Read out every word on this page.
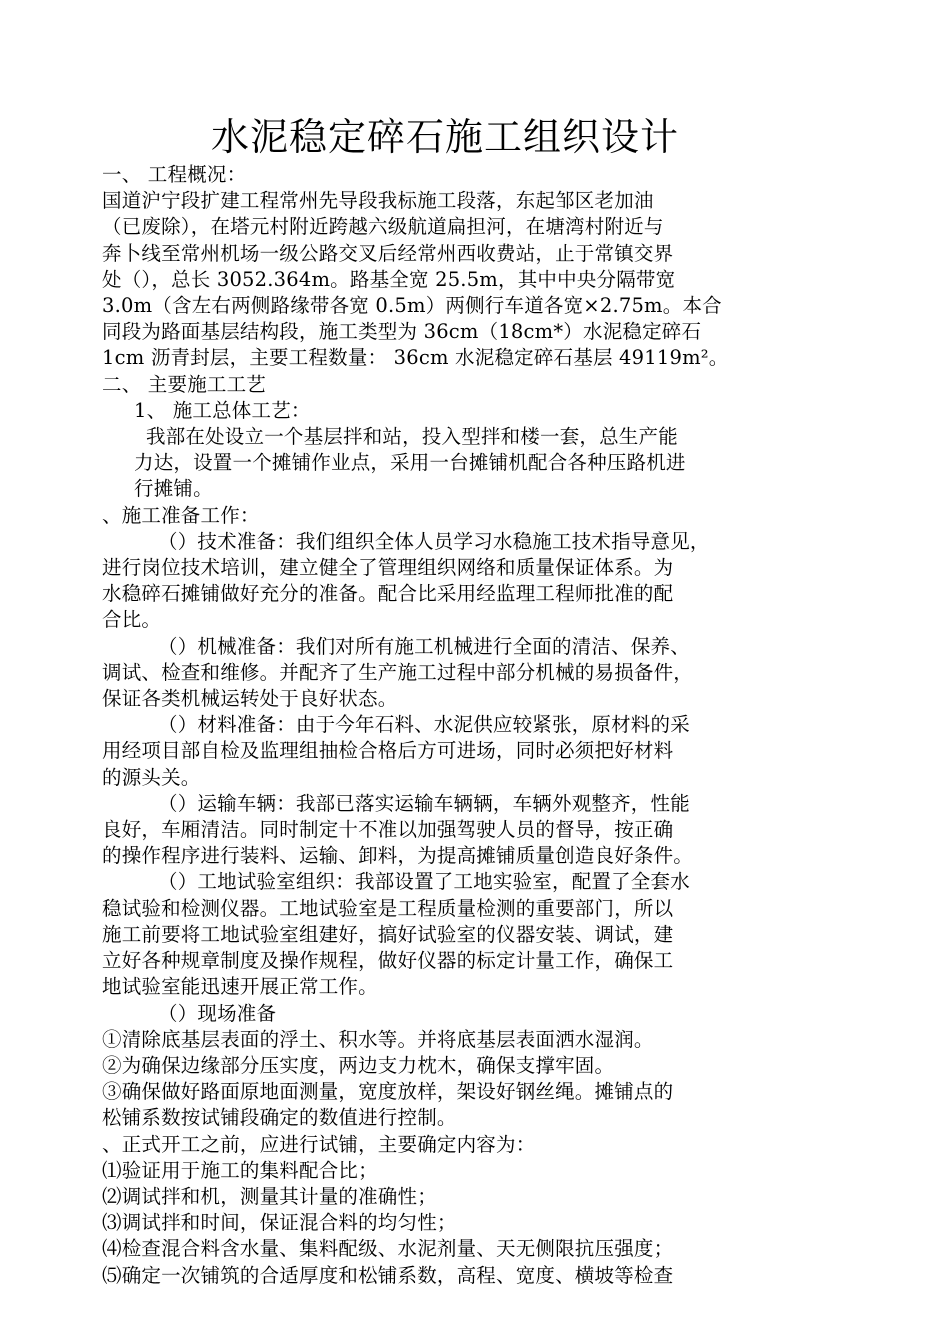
水泥稳定碎石施工组织设计
一、 工程概况：
国道沪宁段扩建工程常州先导段我标施工段落，东起邹区老加油
（已废除），在塔元村附近跨越六级航道扁担河，在塘湾村附近与
奔卜线至常州机场一级公路交叉后经常州西收费站，止于常镇交界
处（），总长 3052.364m。路基全宽 25.5m，其中中央分隔带宽
3.0m（含左右两侧路缘带各宽 0.5m）两侧行车道各宽×2.75m。本合
同段为路面基层结构段，施工类型为 36cm（18cm*）水泥稳定碎石
1cm 沥青封层，主要工程数量： 36cm 水泥稳定碎石基层 49119m²。
二、 主要施工工艺
1、 施工总体工艺：
我部在处设立一个基层拌和站，投入型拌和楼一套，总生产能
力达，设置一个摊铺作业点，采用一台摊铺机配合各种压路机进
行摊铺。
、施工准备工作：
（）技术准备：我们组织全体人员学习水稳施工技术指导意见，
进行岗位技术培训，建立健全了管理组织网络和质量保证体系。为
水稳碎石摊铺做好充分的准备。配合比采用经监理工程师批准的配
合比。
（）机械准备：我们对所有施工机械进行全面的清洁、保养、
调试、检查和维修。并配齐了生产施工过程中部分机械的易损备件，
保证各类机械运转处于良好状态。
（）材料准备：由于今年石料、水泥供应较紧张，原材料的采
用经项目部自检及监理组抽检合格后方可进场，同时必须把好材料
的源头关。
（）运输车辆：我部已落实运输车辆辆，车辆外观整齐，性能
良好，车厢清洁。同时制定十不准以加强驾驶人员的督导，按正确
的操作程序进行装料、运输、卸料，为提高摊铺质量创造良好条件。
（）工地试验室组织：我部设置了工地实验室，配置了全套水
稳试验和检测仪器。工地试验室是工程质量检测的重要部门，所以
施工前要将工地试验室组建好，搞好试验室的仪器安装、调试，建
立好各种规章制度及操作规程，做好仪器的标定计量工作，确保工
地试验室能迅速开展正常工作。
（）现场准备
①清除底基层表面的浮土、积水等。并将底基层表面洒水湿润。
②为确保边缘部分压实度，两边支力枕木，确保支撑牢固。
③确保做好路面原地面测量，宽度放样，架设好钢丝绳。摊铺点的
松铺系数按试铺段确定的数值进行控制。
、正式开工之前，应进行试铺，主要确定内容为：
⑴验证用于施工的集料配合比；
⑵调试拌和机，测量其计量的准确性；
⑶调试拌和时间，保证混合料的均匀性；
⑷检查混合料含水量、集料配级、水泥剂量、天无侧限抗压强度；
⑸确定一次铺筑的合适厚度和松铺系数，高程、宽度、横坡等检查
